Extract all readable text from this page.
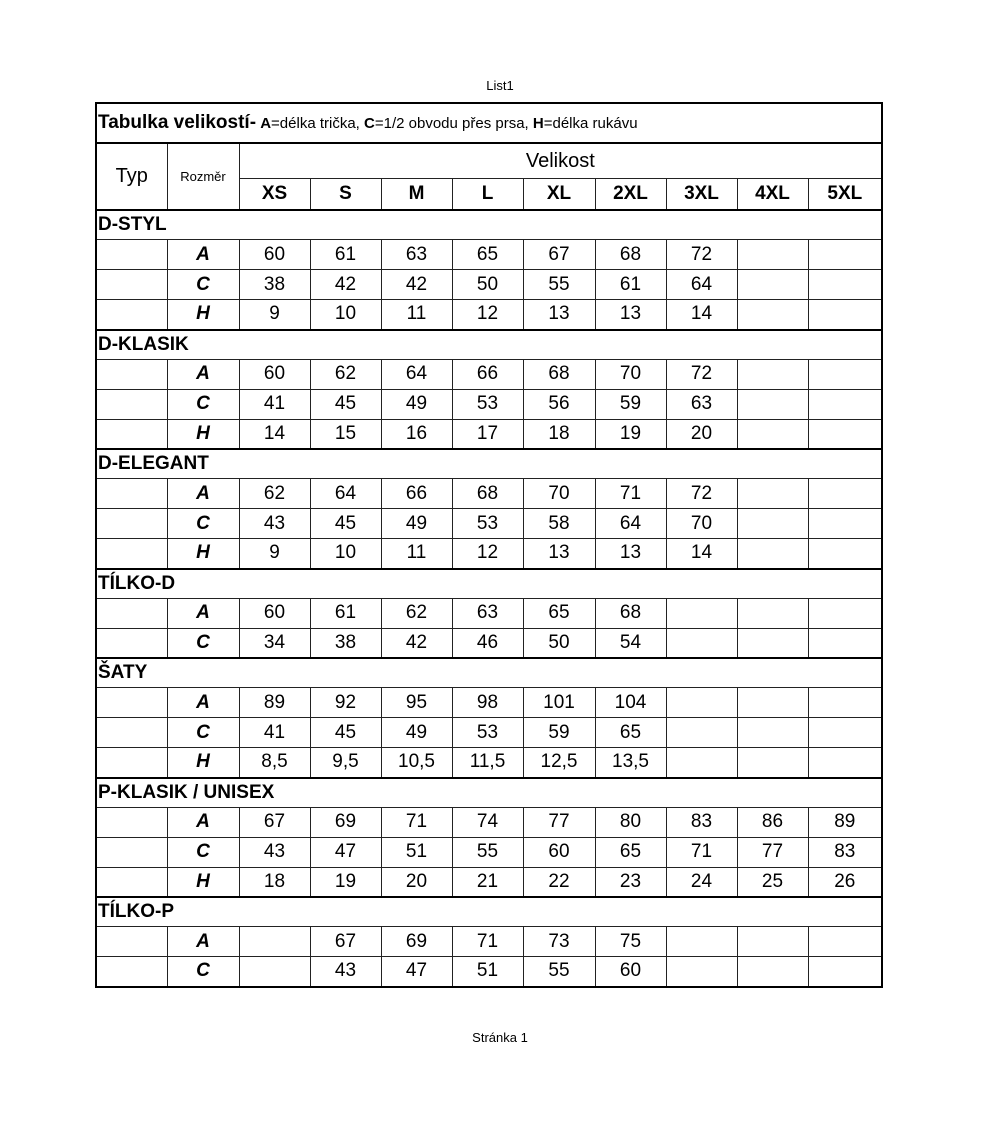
List1
Tabulka velikostí- A=délka trička, C=1/2 obvodu přes prsa, H=délka rukávu										
Typ	Rozměr	Velikost								
		XS	S	M	L	XL	2XL	3XL	4XL	5XL
D-STYL										
	A	60	61	63	65	67	68	72		
	C	38	42	42	50	55	61	64		
	H	9	10	11	12	13	13	14		
D-KLASIK										
	A	60	62	64	66	68	70	72		
	C	41	45	49	53	56	59	63		
	H	14	15	16	17	18	19	20		
D-ELEGANT										
	A	62	64	66	68	70	71	72		
	C	43	45	49	53	58	64	70		
	H	9	10	11	12	13	13	14		
TÍLKO-D										
	A	60	61	62	63	65	68			
	C	34	38	42	46	50	54			
ŠATY										
	A	89	92	95	98	101	104			
	C	41	45	49	53	59	65			
	H	8,5	9,5	10,5	11,5	12,5	13,5			
P-KLASIK / UNISEX										
	A	67	69	71	74	77	80	83	86	89
	C	43	47	51	55	60	65	71	77	83
	H	18	19	20	21	22	23	24	25	26
TÍLKO-P										
	A		67	69	71	73	75			
	C		43	47	51	55	60			
Stránka 1
